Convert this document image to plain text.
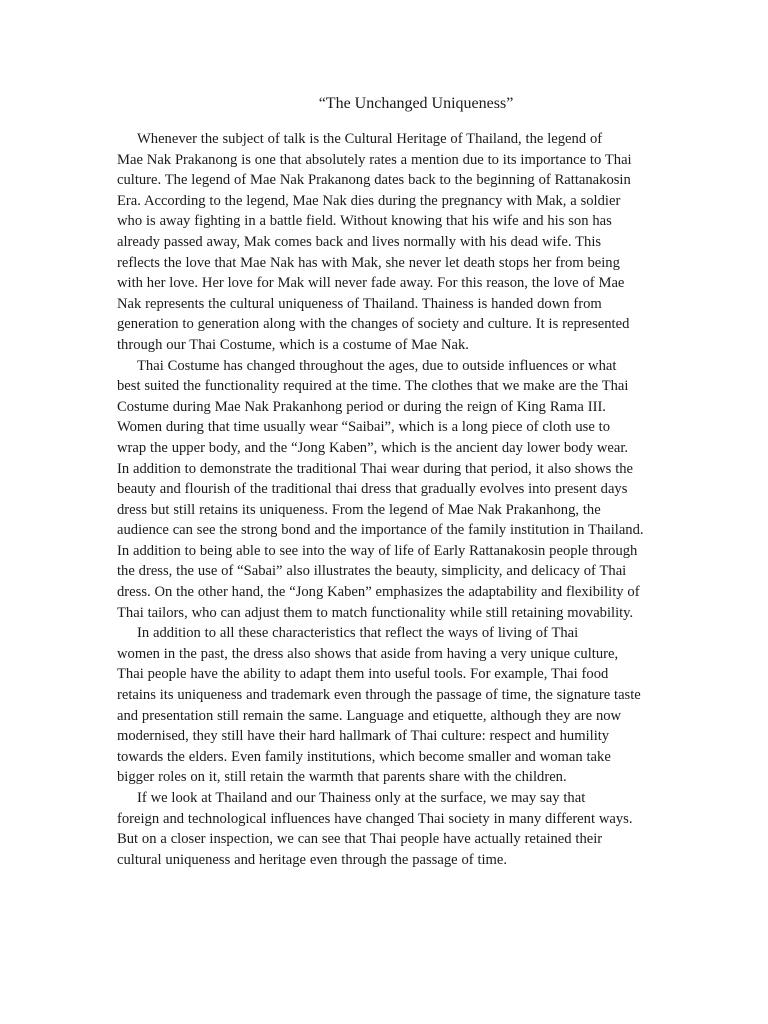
“The Unchanged Uniqueness”

Whenever the subject of talk is the Cultural Heritage of Thailand, the legend of
Mae Nak Prakanong is one that absolutely rates a mention due to its importance to Thai
culture. The legend of Mae Nak Prakanong dates back to the beginning of Rattanakosin
Era. According to the legend, Mae Nak dies during the pregnancy with Mak, a soldier
who is away fighting in a battle field. Without knowing that his wife and his son has
already passed away, Mak comes back and lives normally with his dead wife. This
reflects the love that Mae Nak has with Mak, she never let death stops her from being
with her love. Her love for Mak will never fade away. For this reason, the love of Mae
Nak represents the cultural uniqueness of Thailand. Thainess is handed down from
generation to generation along with the changes of society and culture. It is represented
through our Thai Costume, which is a costume of Mae Nak.

Thai Costume has changed throughout the ages, due to outside influences or what
best suited the functionality required at the time. The clothes that we make are the Thai
Costume during Mae Nak Prakanhong period or during the reign of King Rama III.
Women during that time usually wear “Saibai”, which is a long piece of cloth use to
wrap the upper body, and the “Jong Kaben”, which is the ancient day lower body wear.
In addition to demonstrate the traditional Thai wear during that period, it also shows the
beauty and flourish of the traditional thai dress that gradually evolves into present days
dress but still retains its uniqueness. From the legend of Mae Nak Prakanhong, the
audience can see the strong bond and the importance of the family institution in Thailand.
In addition to being able to see into the way of life of Early Rattanakosin people through
the dress, the use of “Sabai” also illustrates the beauty, simplicity, and delicacy of Thai
dress. On the other hand, the “Jong Kaben” emphasizes the adaptability and flexibility of
Thai tailors, who can adjust them to match functionality while still retaining movability.

In addition to all these characteristics that reflect the ways of living of Thai
women in the past, the dress also shows that aside from having a very unique culture,
Thai people have the ability to adapt them into useful tools. For example, Thai food
retains its uniqueness and trademark even through the passage of time, the signature taste
and presentation still remain the same. Language and etiquette, although they are now
modernised, they still have their hard hallmark of Thai culture: respect and humility
towards the elders. Even family institutions, which become smaller and woman take
bigger roles on it, still retain the warmth that parents share with the children.

If we look at Thailand and our Thainess only at the surface, we may say that
foreign and technological influences have changed Thai society in many different ways.
But on a closer inspection, we can see that Thai people have actually retained their
cultural uniqueness and heritage even through the passage of time.
